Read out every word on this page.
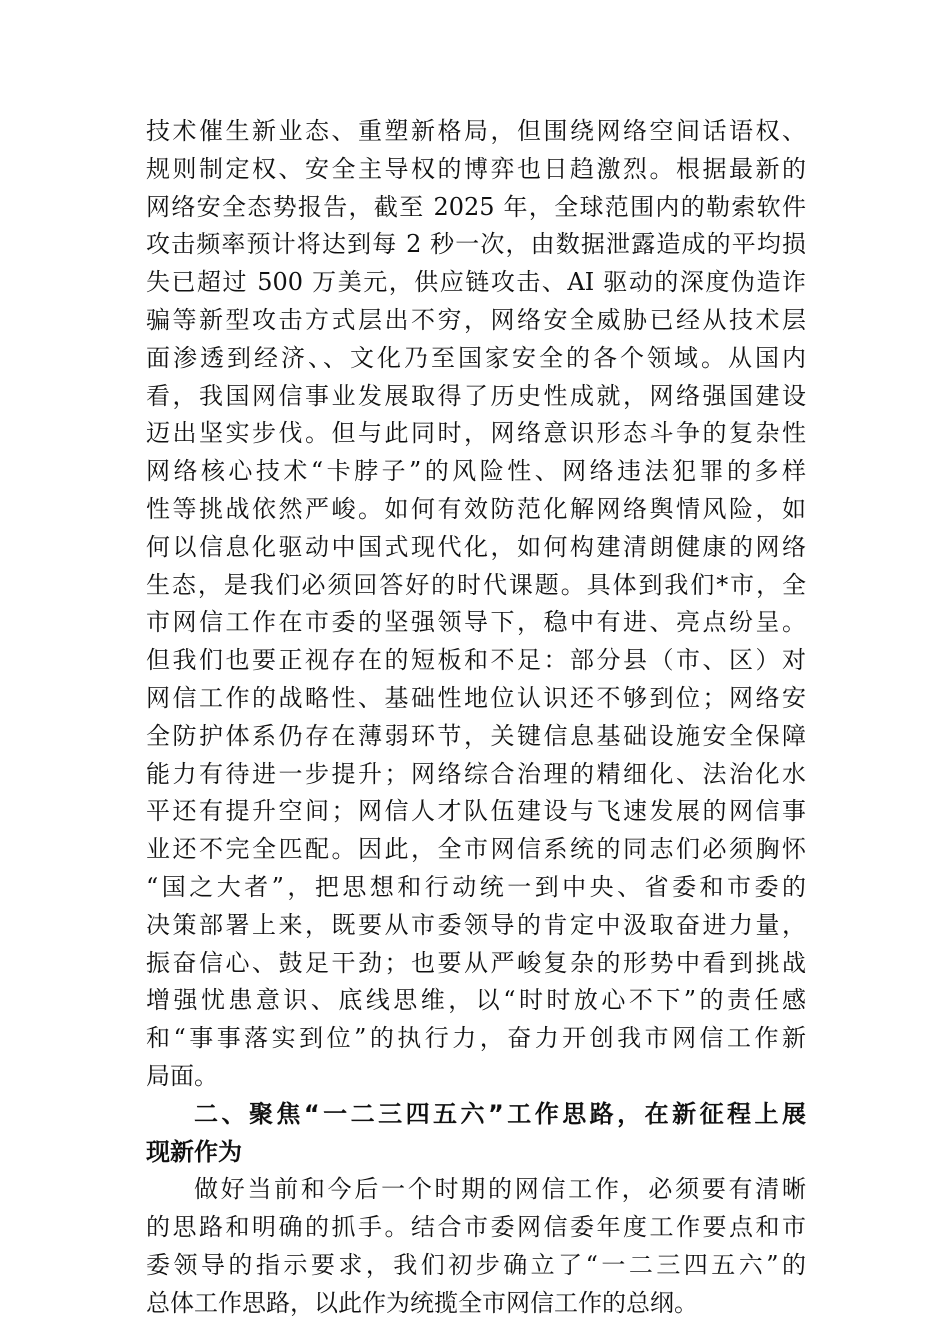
技术催生新业态、重塑新格局，但围绕网络空间话语权、
规则制定权、安全主导权的博弈也日趋激烈。根据最新的
网络安全态势报告，截至 2025 年，全球范围内的勒索软件
攻击频率预计将达到每 2 秒一次，由数据泄露造成的平均损
失已超过 500 万美元，供应链攻击、AI 驱动的深度伪造诈
骗等新型攻击方式层出不穷，网络安全威胁已经从技术层
面渗透到经济、、文化乃至国家安全的各个领域。从国内
看，我国网信事业发展取得了历史性成就，网络强国建设
迈出坚实步伐。但与此同时，网络意识形态斗争的复杂性
网络核心技术“卡脖子”的风险性、网络违法犯罪的多样
性等挑战依然严峻。如何有效防范化解网络舆情风险，如
何以信息化驱动中国式现代化，如何构建清朗健康的网络
生态，是我们必须回答好的时代课题。具体到我们*市，全
市网信工作在市委的坚强领导下，稳中有进、亮点纷呈。
但我们也要正视存在的短板和不足：部分县（市、区）对
网信工作的战略性、基础性地位认识还不够到位；网络安
全防护体系仍存在薄弱环节，关键信息基础设施安全保障
能力有待进一步提升；网络综合治理的精细化、法治化水
平还有提升空间；网信人才队伍建设与飞速发展的网信事
业还不完全匹配。因此，全市网信系统的同志们必须胸怀
“国之大者”，把思想和行动统一到中央、省委和市委的
决策部署上来，既要从市委领导的肯定中汲取奋进力量，
振奋信心、鼓足干劲；也要从严峻复杂的形势中看到挑战
增强忧患意识、底线思维，以“时时放心不下”的责任感
和“事事落实到位”的执行力，奋力开创我市网信工作新
局面。
二、聚焦“一二三四五六”工作思路，在新征程上展
现新作为
做好当前和今后一个时期的网信工作，必须要有清晰
的思路和明确的抓手。结合市委网信委年度工作要点和市
委领导的指示要求，我们初步确立了“一二三四五六”的
总体工作思路，以此作为统揽全市网信工作的总纲。
